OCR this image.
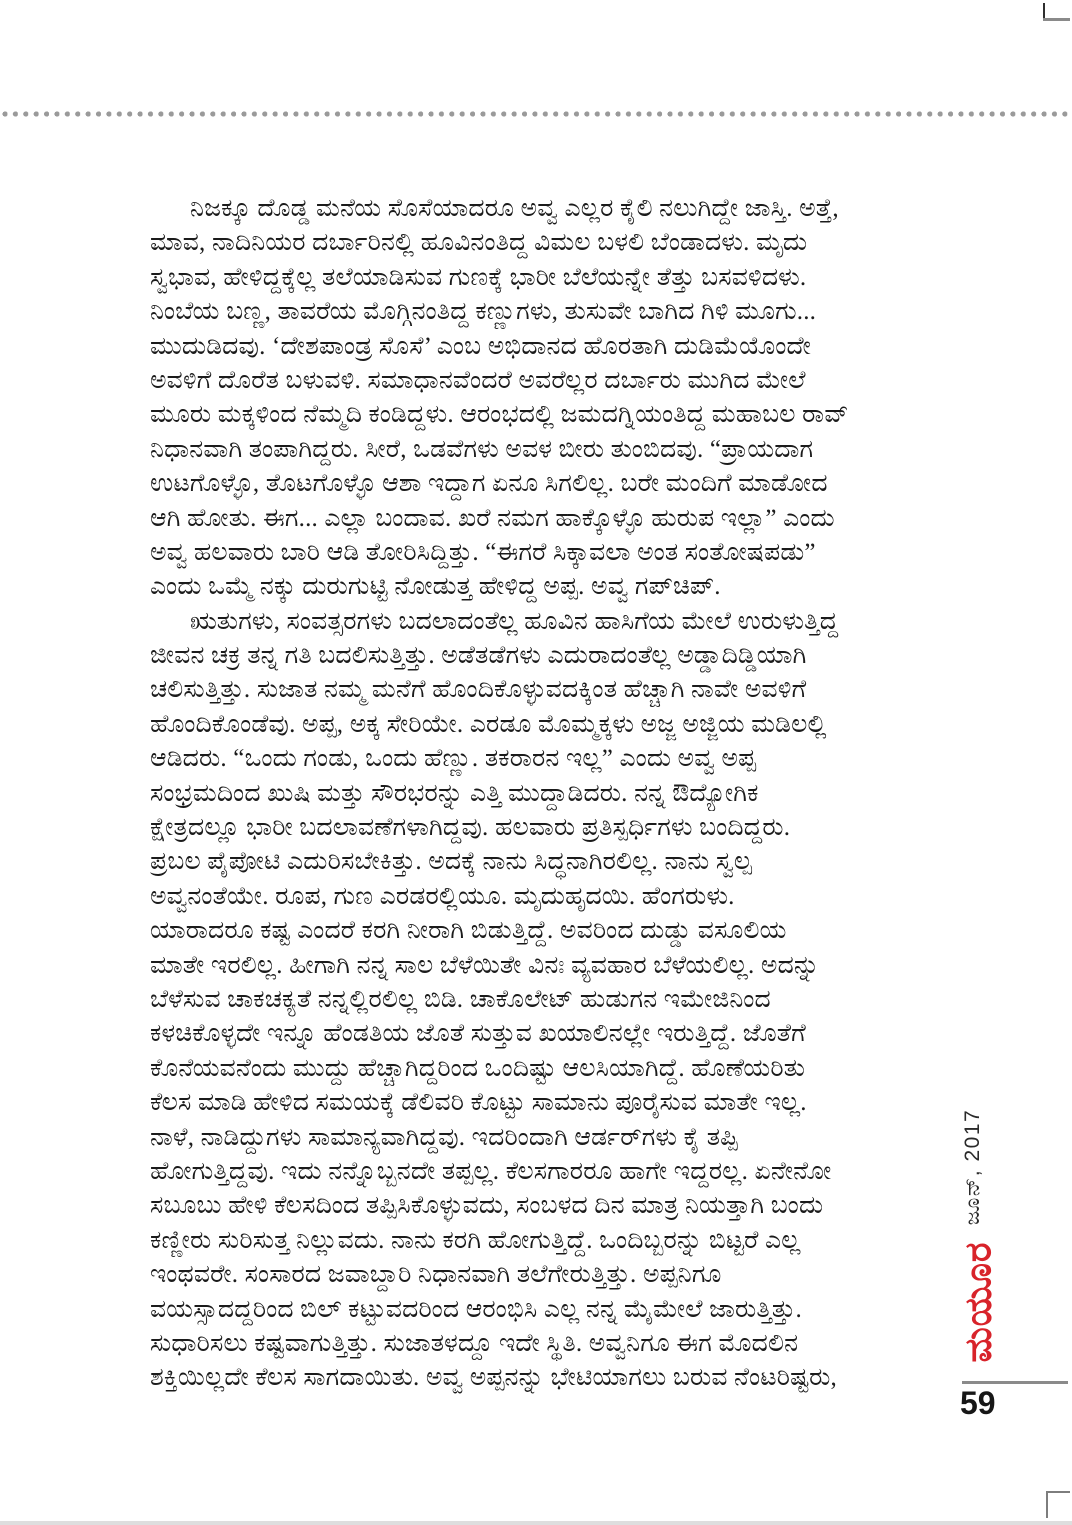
ನಿಜಕ್ಕೂ ದೊಡ್ಡ ಮನೆಯ ಸೊಸೆಯಾದರೂ ಅವ್ವ ಎಲ್ಲರ ಕೈಲಿ ನಲುಗಿದ್ದೇ ಜಾಸ್ತಿ. ಅತ್ತೆ,
ಮಾವ, ನಾದಿನಿಯರ ದರ್ಬಾರಿನಲ್ಲಿ ಹೂವಿನಂತಿದ್ದ ವಿಮಲ ಬಳಲಿ ಬೆಂಡಾದಳು. ಮೃದು
ಸ್ವಭಾವ, ಹೇಳಿದ್ದಕ್ಕೆಲ್ಲ ತಲೆಯಾಡಿಸುವ ಗುಣಕ್ಕೆ ಭಾರೀ ಬೆಲೆಯನ್ನೇ ತೆತ್ತು ಬಸವಳಿದಳು.
ನಿಂಬೆಯ ಬಣ್ಣ, ತಾವರೆಯ ಮೊಗ್ಗಿನಂತಿದ್ದ ಕಣ್ಣುಗಳು, ತುಸುವೇ ಬಾಗಿದ ಗಿಳಿ ಮೂಗು...
ಮುದುಡಿದವು. ‘ದೇಶಪಾಂಡ್ರ ಸೊಸೆ’ ಎಂಬ ಅಭಿದಾನದ ಹೊರತಾಗಿ ದುಡಿಮೆಯೊಂದೇ
ಅವಳಿಗೆ ದೊರೆತ ಬಳುವಳಿ. ಸಮಾಧಾನವೆಂದರೆ ಅವರೆಲ್ಲರ ದರ್ಬಾರು ಮುಗಿದ ಮೇಲೆ
ಮೂರು ಮಕ್ಕಳಿಂದ ನೆಮ್ಮದಿ ಕಂಡಿದ್ದಳು. ಆರಂಭದಲ್ಲಿ ಜಮದಗ್ನಿಯಂತಿದ್ದ ಮಹಾಬಲ ರಾವ್
ನಿಧಾನವಾಗಿ ತಂಪಾಗಿದ್ದರು. ಸೀರೆ, ಒಡವೆಗಳು ಅವಳ ಬೀರು ತುಂಬಿದವು. “ಪ್ರಾಯದಾಗ
ಉಟಗೊಳ್ಳೊ, ತೊಟಗೊಳ್ಳೊ ಆಶಾ ಇದ್ದಾಗ ಏನೂ ಸಿಗಲಿಲ್ಲ. ಬರೇ ಮಂದಿಗೆ ಮಾಡೋದ
ಆಗಿ ಹೋತು. ಈಗ... ಎಲ್ಲಾ ಬಂದಾವ. ಖರೆ ನಮಗ ಹಾಕ್ಕೊಳ್ಳೊ ಹುರುಪ ಇಲ್ಲಾ” ಎಂದು
ಅವ್ವ ಹಲವಾರು ಬಾರಿ ಆಡಿ ತೋರಿಸಿದ್ದಿತ್ತು. “ಈಗರೆ ಸಿಕ್ಕಾವಲಾ ಅಂತ ಸಂತೋಷಪಡು”
ಎಂದು ಒಮ್ಮೆ ನಕ್ಕು ದುರುಗುಟ್ಟಿ ನೋಡುತ್ತ ಹೇಳಿದ್ದ ಅಪ್ಪ. ಅವ್ವ ಗಪ್‌ಚಿಪ್.
ಋತುಗಳು, ಸಂವತ್ಸರಗಳು ಬದಲಾದಂತೆಲ್ಲ ಹೂವಿನ ಹಾಸಿಗೆಯ ಮೇಲೆ ಉರುಳುತ್ತಿದ್ದ
ಜೀವನ ಚಕ್ರ ತನ್ನ ಗತಿ ಬದಲಿಸುತ್ತಿತ್ತು. ಅಡೆತಡೆಗಳು ಎದುರಾದಂತೆಲ್ಲ ಅಡ್ಡಾದಿಡ್ಡಿಯಾಗಿ
ಚಲಿಸುತ್ತಿತ್ತು. ಸುಜಾತ ನಮ್ಮ ಮನೆಗೆ ಹೊಂದಿಕೊಳ್ಳುವದಕ್ಕಿಂತ ಹೆಚ್ಚಾಗಿ ನಾವೇ ಅವಳಿಗೆ
ಹೊಂದಿಕೊಂಡೆವು. ಅಪ್ಪ, ಅಕ್ಕ ಸೇರಿಯೇ. ಎರಡೂ ಮೊಮ್ಮಕ್ಕಳು ಅಜ್ಜ ಅಜ್ಜಿಯ ಮಡಿಲಲ್ಲಿ
ಆಡಿದರು. “ಒಂದು ಗಂಡು, ಒಂದು ಹೆಣ್ಣು. ತಕರಾರನ ಇಲ್ಲ” ಎಂದು ಅವ್ವ ಅಪ್ಪ
ಸಂಭ್ರಮದಿಂದ ಖುಷಿ ಮತ್ತು ಸೌರಭರನ್ನು ಎತ್ತಿ ಮುದ್ದಾಡಿದರು. ನನ್ನ ಔದ್ಯೋಗಿಕ
ಕ್ಷೇತ್ರದಲ್ಲೂ ಭಾರೀ ಬದಲಾವಣೆಗಳಾಗಿದ್ದವು. ಹಲವಾರು ಪ್ರತಿಸ್ಪರ್ಧಿಗಳು ಬಂದಿದ್ದರು.
ಪ್ರಬಲ ಪೈಪೋಟಿ ಎದುರಿಸಬೇಕಿತ್ತು. ಅದಕ್ಕೆ ನಾನು ಸಿದ್ಧನಾಗಿರಲಿಲ್ಲ. ನಾನು ಸ್ವಲ್ಪ
ಅವ್ವನಂತೆಯೇ. ರೂಪ, ಗುಣ ಎರಡರಲ್ಲಿಯೂ. ಮೃದುಹೃದಯಿ. ಹೆಂಗರುಳು.
ಯಾರಾದರೂ ಕಷ್ಟ ಎಂದರೆ ಕರಗಿ ನೀರಾಗಿ ಬಿಡುತ್ತಿದ್ದೆ. ಅವರಿಂದ ದುಡ್ಡು ವಸೂಲಿಯ
ಮಾತೇ ಇರಲಿಲ್ಲ. ಹೀಗಾಗಿ ನನ್ನ ಸಾಲ ಬೆಳೆಯಿತೇ ವಿನಃ ವ್ಯವಹಾರ ಬೆಳೆಯಲಿಲ್ಲ. ಅದನ್ನು
ಬೆಳೆಸುವ ಚಾಕಚಕ್ಯತೆ ನನ್ನಲ್ಲಿರಲಿಲ್ಲ ಬಿಡಿ. ಚಾಕೊಲೇಟ್ ಹುಡುಗನ ಇಮೇಜಿನಿಂದ
ಕಳಚಿಕೊಳ್ಳದೇ ಇನ್ನೂ ಹೆಂಡತಿಯ ಜೊತೆ ಸುತ್ತುವ ಖಯಾಲಿನಲ್ಲೇ ಇರುತ್ತಿದ್ದೆ. ಜೊತೆಗೆ
ಕೊನೆಯವನೆಂದು ಮುದ್ದು ಹೆಚ್ಚಾಗಿದ್ದರಿಂದ ಒಂದಿಷ್ಟು ಆಲಸಿಯಾಗಿದ್ದೆ. ಹೊಣೆಯರಿತು
ಕೆಲಸ ಮಾಡಿ ಹೇಳಿದ ಸಮಯಕ್ಕೆ ಡೆಲಿವರಿ ಕೊಟ್ಟು ಸಾಮಾನು ಪೂರೈಸುವ ಮಾತೇ ಇಲ್ಲ.
ನಾಳೆ, ನಾಡಿದ್ದುಗಳು ಸಾಮಾನ್ಯವಾಗಿದ್ದವು. ಇದರಿಂದಾಗಿ ಆರ್ಡರ್‌ಗಳು ಕೈ ತಪ್ಪಿ
ಹೋಗುತ್ತಿದ್ದವು. ಇದು ನನ್ನೊಬ್ಬನದೇ ತಪ್ಪಲ್ಲ. ಕೆಲಸಗಾರರೂ ಹಾಗೇ ಇದ್ದರಲ್ಲ. ಏನೇನೋ
ಸಬೂಬು ಹೇಳಿ ಕೆಲಸದಿಂದ ತಪ್ಪಿಸಿಕೊಳ್ಳುವದು, ಸಂಬಳದ ದಿನ ಮಾತ್ರ ನಿಯತ್ತಾಗಿ ಬಂದು
ಕಣ್ಣೀರು ಸುರಿಸುತ್ತ ನಿಲ್ಲುವದು. ನಾನು ಕರಗಿ ಹೋಗುತ್ತಿದ್ದೆ. ಒಂದಿಬ್ಬರನ್ನು ಬಿಟ್ಟರೆ ಎಲ್ಲ
ಇಂಥವರೇ. ಸಂಸಾರದ ಜವಾಬ್ದಾರಿ ನಿಧಾನವಾಗಿ ತಲೆಗೇರುತ್ತಿತ್ತು. ಅಪ್ಪನಿಗೂ
ವಯಸ್ಸಾದದ್ದರಿಂದ ಬಿಲ್ ಕಟ್ಟುವದರಿಂದ ಆರಂಭಿಸಿ ಎಲ್ಲ ನನ್ನ ಮೈಮೇಲೆ ಜಾರುತ್ತಿತ್ತು.
ಸುಧಾರಿಸಲು ಕಷ್ಟವಾಗುತ್ತಿತ್ತು. ಸುಜಾತಳದ್ದೂ ಇದೇ ಸ್ಥಿತಿ. ಅವ್ವನಿಗೂ ಈಗ ಮೊದಲಿನ
ಶಕ್ತಿಯಿಲ್ಲದೇ ಕೆಲಸ ಸಾಗದಾಯಿತು. ಅವ್ವ ಅಪ್ಪನನ್ನು ಭೇಟಿಯಾಗಲು ಬರುವ ನೆಂಟರಿಷ್ಟರು,
ಜೂನ್, 2017
ಮಯೂರ
59
